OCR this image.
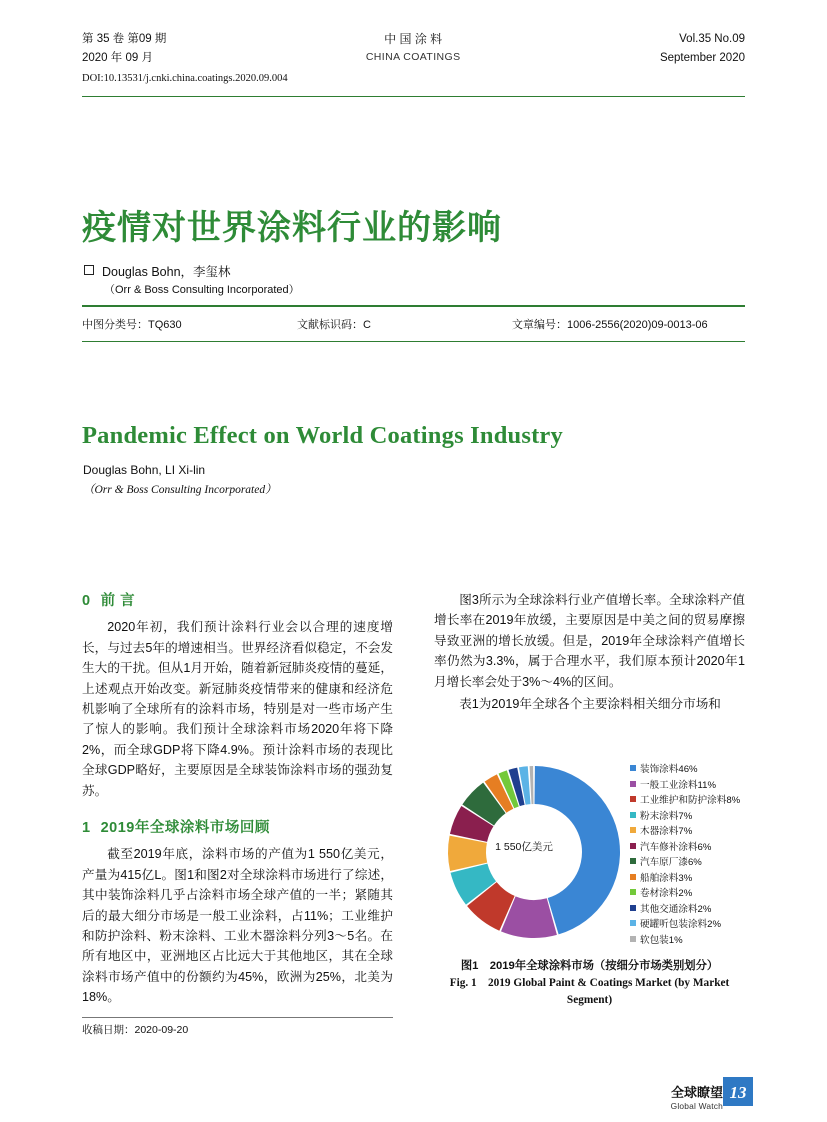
第 35 卷 第09 期
2020 年 09 月
中 国 涂 料
CHINA COATINGS
Vol.35 No.09
September 2020
DOI:10.13531/j.cnki.china.coatings.2020.09.004
疫情对世界涂料行业的影响
Douglas Bohn，李玺林
（Orr & Boss Consulting Incorporated）
中图分类号：TQ630	文献标识码：C	文章编号：1006-2556(2020)09-0013-06
Pandemic Effect on World Coatings Industry
Douglas Bohn, LI Xi-lin
（Orr & Boss Consulting Incorporated）
0 前 言

2020年初，我们预计涂料行业会以合理的速度增长，与过去5年的增速相当。世界经济看似稳定，不会发生大的干扰。但从1月开始，随着新冠肺炎疫情的蔓延，上述观点开始改变。新冠肺炎疫情带来的健康和经济危机影响了全球所有的涂料市场，特别是对一些市场产生了惊人的影响。我们预计全球涂料市场2020年将下降2%，而全球GDP将下降4.9%。预计涂料市场的表现比全球GDP略好，主要原因是全球装饰涂料市场的强劲复苏。

1 2019年全球涂料市场回顾

截至2019年底，涂料市场的产值为1 550亿美元，产量为415亿L。图1和图2对全球涂料市场进行了综述，其中装饰涂料几乎占涂料市场全球产值的一半；紧随其后的最大细分市场是一般工业涂料，占11%；工业维护和防护涂料、粉末涂料、工业木器涂料分列3～5名。在所有地区中，亚洲地区占比远大于其他地区，其在全球涂料市场产值中的份额约为45%，欧洲为25%，北美为18%。

图3所示为全球涂料行业产值增长率。全球涂料产值增长率在2019年放缓，主要原因是中美之间的贸易摩擦导致亚洲的增长放缓。但是，2019年全球涂料产值增长率仍然为3.3%，属于合理水平，我们原本预计2020年1月增长率会处于3%～4%的区间。

表1为2019年全球各个主要涂料相关细分市场和

1 550亿美元
装饰涂料46%
一般工业涂料11%
工业维护和防护涂料8%
粉末涂料7%
木器涂料7%
汽车修补涂料6%
汽车原厂漆6%
船舶涂料3%
卷材涂料2%
其他交通涂料2%
硬罐听包装涂料2%
软包装1%
图1　2019年全球涂料市场（按细分市场类别划分）
Fig. 1　2019 Global Paint & Coatings Market (by Market
Segment)
收稿日期：2020-09-20
全球瞭望
Global Watch
13
